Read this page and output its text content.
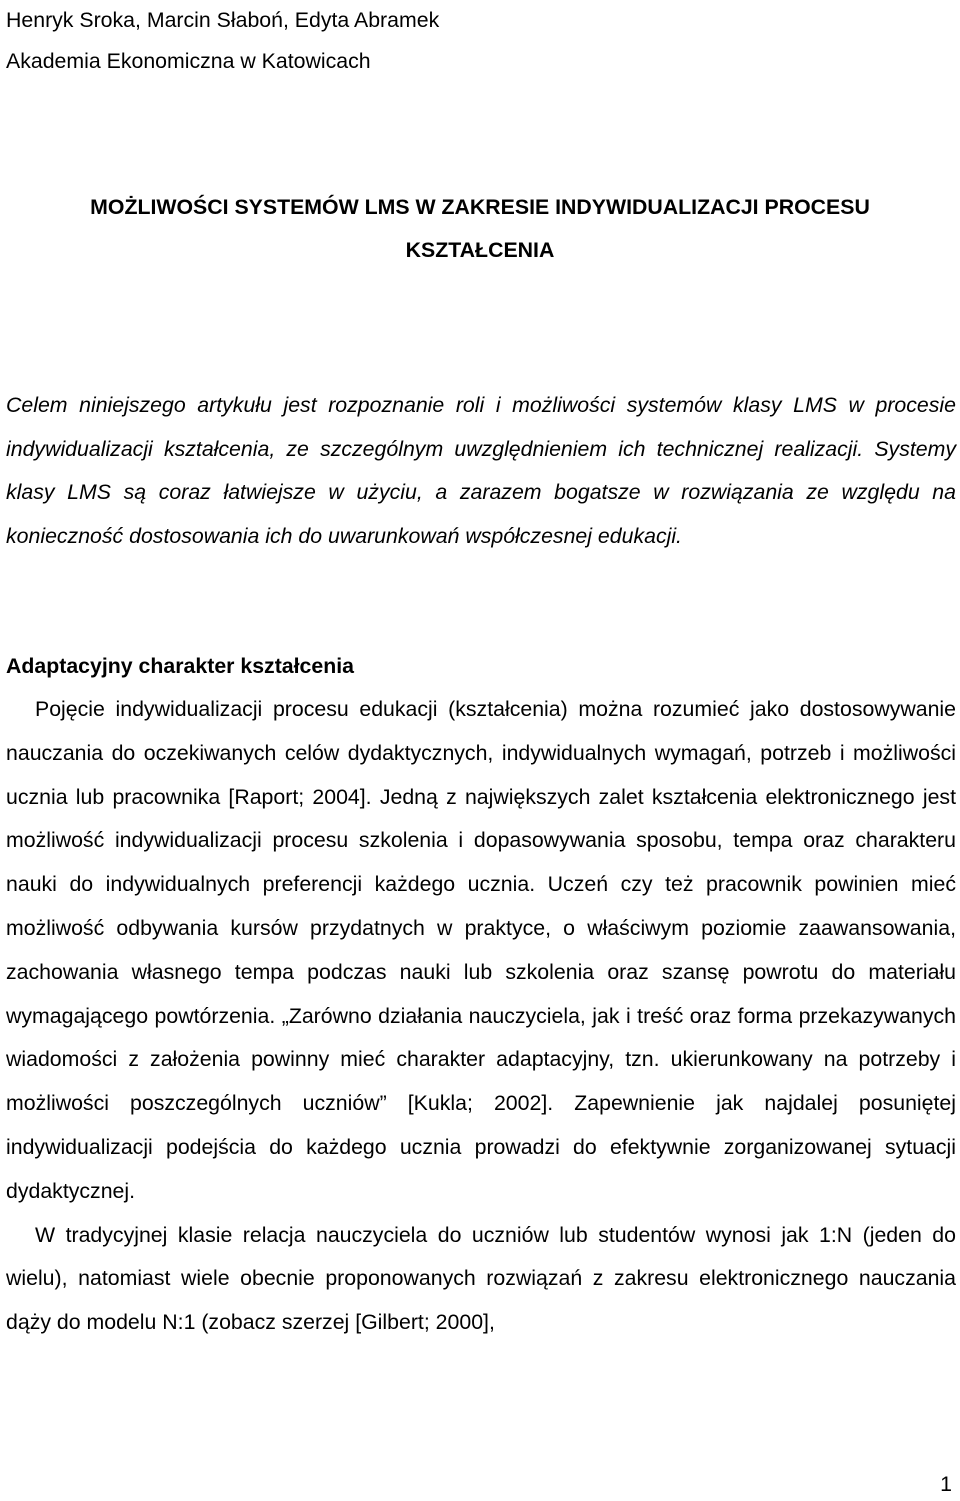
Henryk Sroka, Marcin Słaboń, Edyta Abramek
Akademia Ekonomiczna w Katowicach
MOŻLIWOŚCI SYSTEMÓW LMS W ZAKRESIE INDYWIDUALIZACJI PROCESU
KSZTAŁCENIA
Celem niniejszego artykułu jest rozpoznanie roli i możliwości systemów klasy LMS w procesie indywidualizacji kształcenia, ze szczególnym uwzględnieniem ich technicznej realizacji. Systemy klasy LMS są coraz łatwiejsze w użyciu, a zarazem bogatsze w rozwiązania ze względu na konieczność dostosowania ich do uwarunkowań współczesnej edukacji.
Adaptacyjny charakter kształcenia

Pojęcie indywidualizacji procesu edukacji (kształcenia) można rozumieć jako dostosowywanie nauczania do oczekiwanych celów dydaktycznych, indywidualnych wymagań, potrzeb i możliwości ucznia lub pracownika [Raport; 2004]. Jedną z największych zalet kształcenia elektronicznego jest możliwość indywidualizacji procesu szkolenia i dopasowywania sposobu, tempa oraz charakteru nauki do indywidualnych preferencji każdego ucznia. Uczeń czy też pracownik powinien mieć możliwość odbywania kursów przydatnych w praktyce, o właściwym poziomie zaawansowania, zachowania własnego tempa podczas nauki lub szkolenia oraz szansę powrotu do materiału wymagającego powtórzenia. „Zarówno działania nauczyciela, jak i treść oraz forma przekazywanych wiadomości z założenia powinny mieć charakter adaptacyjny, tzn. ukierunkowany na potrzeby i możliwości poszczególnych uczniów” [Kukla; 2002]. Zapewnienie jak najdalej posuniętej indywidualizacji podejścia do każdego ucznia prowadzi do efektywnie zorganizowanej sytuacji dydaktycznej.

W tradycyjnej klasie relacja nauczyciela do uczniów lub studentów wynosi jak 1:N (jeden do wielu), natomiast wiele obecnie proponowanych rozwiązań z zakresu elektronicznego nauczania dąży do modelu N:1 (zobacz szerzej [Gilbert; 2000],

1
